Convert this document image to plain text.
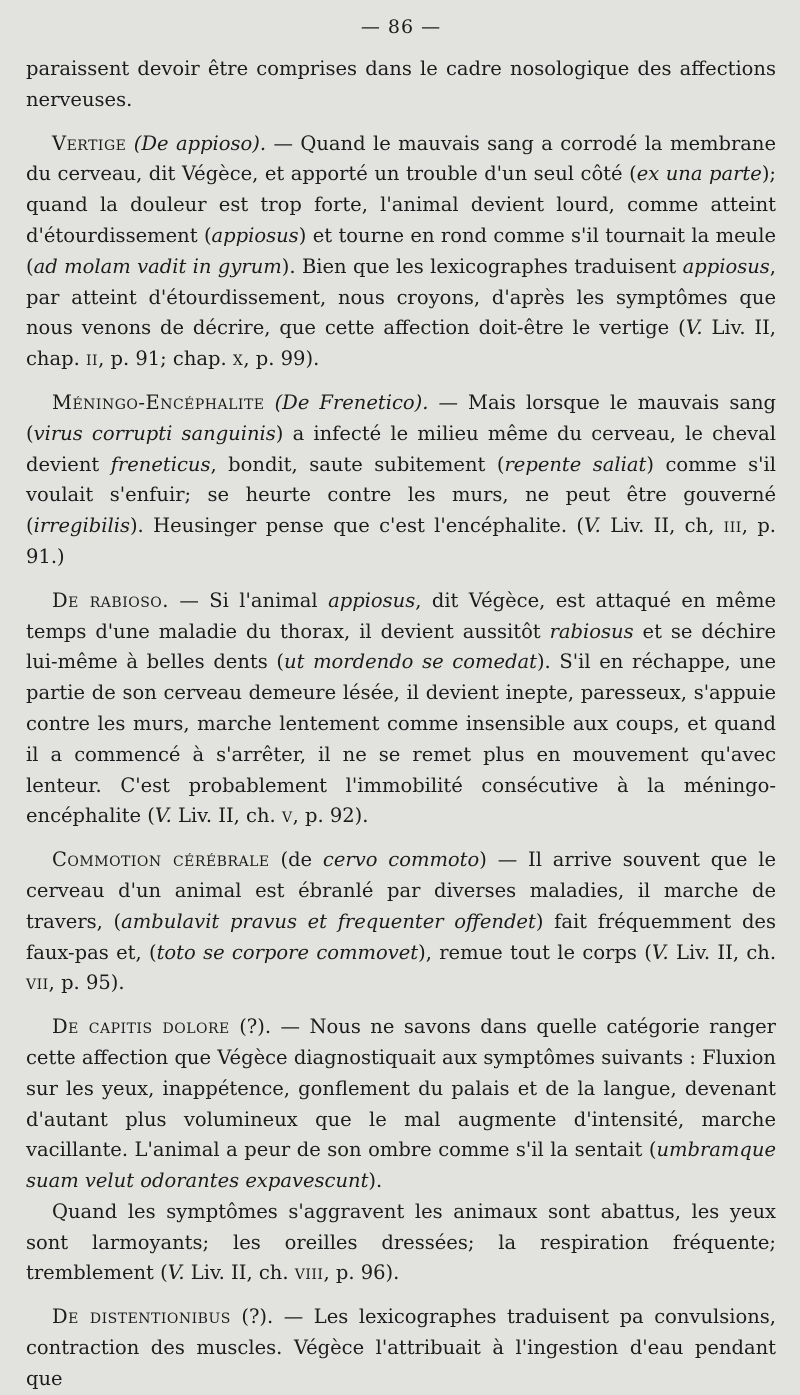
— 86 —

paraissent devoir être comprises dans le cadre nosologique des affections nerveuses.

Vertige (De appioso). — Quand le mauvais sang a corrodé la membrane du cerveau, dit Végèce, et apporté un trouble d'un seul côté (ex una parte); quand la douleur est trop forte, l'animal devient lourd, comme atteint d'étourdissement (appiosus) et tourne en rond comme s'il tournait la meule (ad molam vadit in gyrum). Bien que les lexicographes traduisent appiosus, par atteint d'étourdissement, nous croyons, d'après les symptômes que nous venons de décrire, que cette affection doit-être le vertige (V. Liv. II, chap. ii, p. 91; chap. x, p. 99).

Méningo-Encéphalite (De Frenetico). — Mais lorsque le mauvais sang (virus corrupti sanguinis) a infecté le milieu même du cerveau, le cheval devient freneticus, bondit, saute subitement (repente saliat) comme s'il voulait s'enfuir; se heurte contre les murs, ne peut être gouverné (irregibilis). Heusinger pense que c'est l'encéphalite. (V. Liv. II, ch, iii, p. 91.)

De rabioso. — Si l'animal appiosus, dit Végèce, est attaqué en même temps d'une maladie du thorax, il devient aussitôt rabiosus et se déchire lui-même à belles dents (ut mordendo se comedat). S'il en réchappe, une partie de son cerveau demeure lésée, il devient inepte, paresseux, s'appuie contre les murs, marche lentement comme insensible aux coups, et quand il a commencé à s'arrêter, il ne se remet plus en mouvement qu'avec lenteur. C'est probablement l'immobilité consécutive à la méningo-encéphalite (V. Liv. II, ch. v, p. 92).

Commotion cérébrale (de cervo commoto) — Il arrive souvent que le cerveau d'un animal est ébranlé par diverses maladies, il marche de travers, (ambulavit pravus et frequenter offendet) fait fréquemment des faux-pas et, (toto se corpore commovet), remue tout le corps (V. Liv. II, ch. vii, p. 95).

De capitis dolore (?). — Nous ne savons dans quelle catégorie ranger cette affection que Végèce diagnostiquait aux symptômes suivants : Fluxion sur les yeux, inappétence, gonflement du palais et de la langue, devenant d'autant plus volumineux que le mal augmente d'intensité, marche vacillante. L'animal a peur de son ombre comme s'il la sentait (umbramque suam velut odorantes expavescunt).

Quand les symptômes s'aggravent les animaux sont abattus, les yeux sont larmoyants; les oreilles dressées; la respiration fréquente; tremblement (V. Liv. II, ch. viii, p. 96).

De distentionibus (?). — Les lexicographes traduisent pa convulsions, contraction des muscles. Végèce l'attribuait à l'ingestion d'eau pendant que
